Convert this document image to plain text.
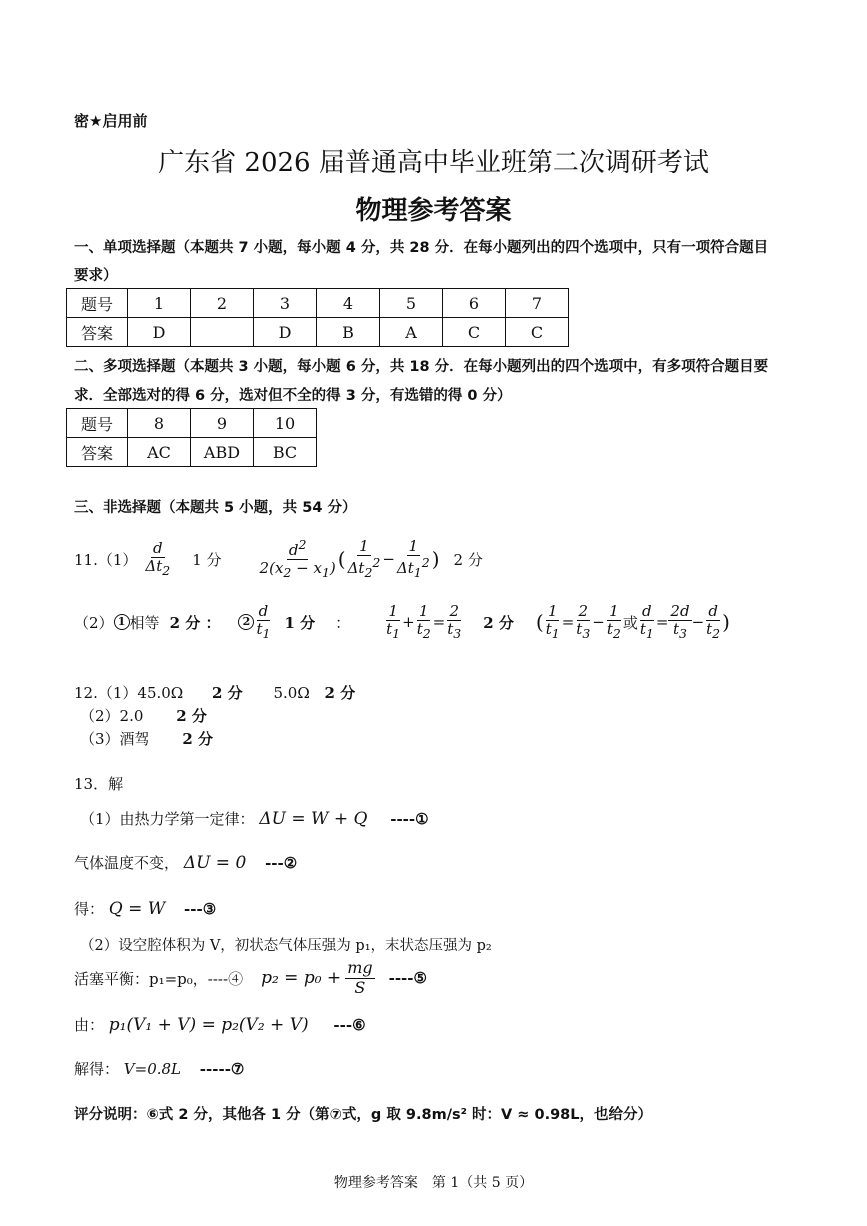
密★启用前
广东省 2026 届普通高中毕业班第二次调研考试
物理参考答案
一、单项选择题（本题共 7 小题，每小题 4 分，共 28 分．在每小题列出的四个选项中，只有一项符合题目
要求）
题号	1	2	3	4	5	6	7
答案	D		D	B	A	C	C
二、多项选择题（本题共 3 小题，每小题 6 分，共 18 分．在每小题列出的四个选项中，有多项符合题目要
求．全部选对的得 6 分，选对但不全的得 3 分，有选错的得 0 分）
题号	8	9	10
答案	AC	ABD	BC
三、非选择题（本题共 5 小题，共 54 分）
$11.(1) \frac{d}{\Delta t_2} 1$ 分 $\frac{d^2}{2(x_2 - x_1)}$ ( $\frac{1}{\Delta t_2^2} - \frac{1}{\Delta t_1^2}$ ) 2 分
（2） 1 相等 2 分 ：	$2 \frac{d}{t_1} 1$ 分 ： $\frac{1}{t_1} + \frac{1}{t_2} = \frac{2}{t_3} 2$ 分 ( $\frac{1}{t_1} = \frac{2}{t_3} - \frac{1}{t_2}$ 或 $\frac{d}{t_1} = \frac{2d}{t_3} - \frac{d}{t_2}$ )
12.（1）45.0Ω 2 分 5.0Ω 2 分
（2）2.0 2 分
（3）酒驾 2 分
13．解
（1）由热力学第一定律： ΔU = W + Q ----①
气体温度不变， ΔU = 0 ---②
得： Q = W ---③
（2）设空腔体积为 V，初状态气体压强为 p₁，末状态压强为 p₂
活塞平衡：p₁=p₀，----④ $p_2 = p_0 + \frac{mg}{S}$ ----⑤
由： p₁(V₁ + V) = p₂(V₂ + V) ---⑥
解得： V=0.8L -----⑦
评分说明：⑥式 2 分，其他各 1 分（第⑦式，g 取 9.8m/s² 时：V ≈ 0.98L，也给分）
物理参考答案　第 1（共 5 页）
